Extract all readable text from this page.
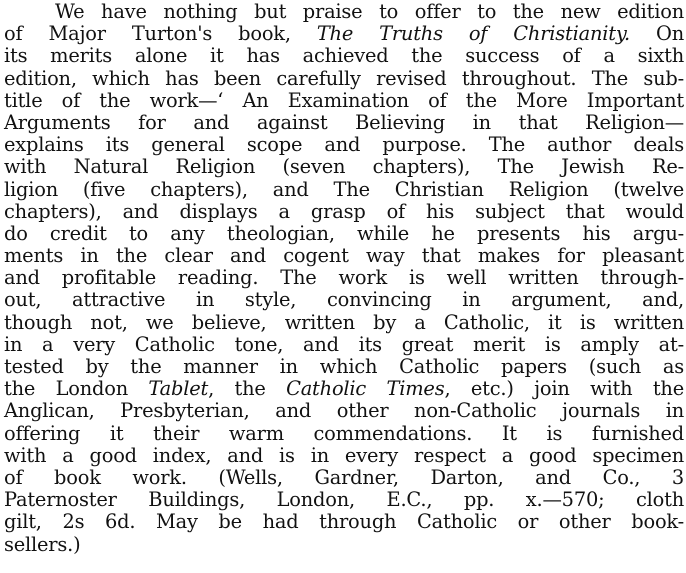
We have nothing but praise to offer to the new edition
of Major Turton's book, The Truths of Christianity. On
its merits alone it has achieved the success of a sixth
edition, which has been carefully revised throughout. The sub-
title of the work—‘ An Examination of the More Important
Arguments for and against Believing in that Religion—
explains its general scope and purpose. The author deals
with Natural Religion (seven chapters), The Jewish Re-
ligion (five chapters), and The Christian Religion (twelve
chapters), and displays a grasp of his subject that would
do credit to any theologian, while he presents his argu-
ments in the clear and cogent way that makes for pleasant
and profitable reading. The work is well written through-
out, attractive in style, convincing in argument, and,
though not, we believe, written by a Catholic, it is written
in a very Catholic tone, and its great merit is amply at-
tested by the manner in which Catholic papers (such as
the London Tablet, the Catholic Times, etc.) join with the
Anglican, Presbyterian, and other non-Catholic journals in
offering it their warm commendations. It is furnished
with a good index, and is in every respect a good specimen
of book work. (Wells, Gardner, Darton, and Co., 3
Paternoster Buildings, London, E.C., pp. x.—570; cloth
gilt, 2s 6d. May be had through Catholic or other book-
sellers.)
